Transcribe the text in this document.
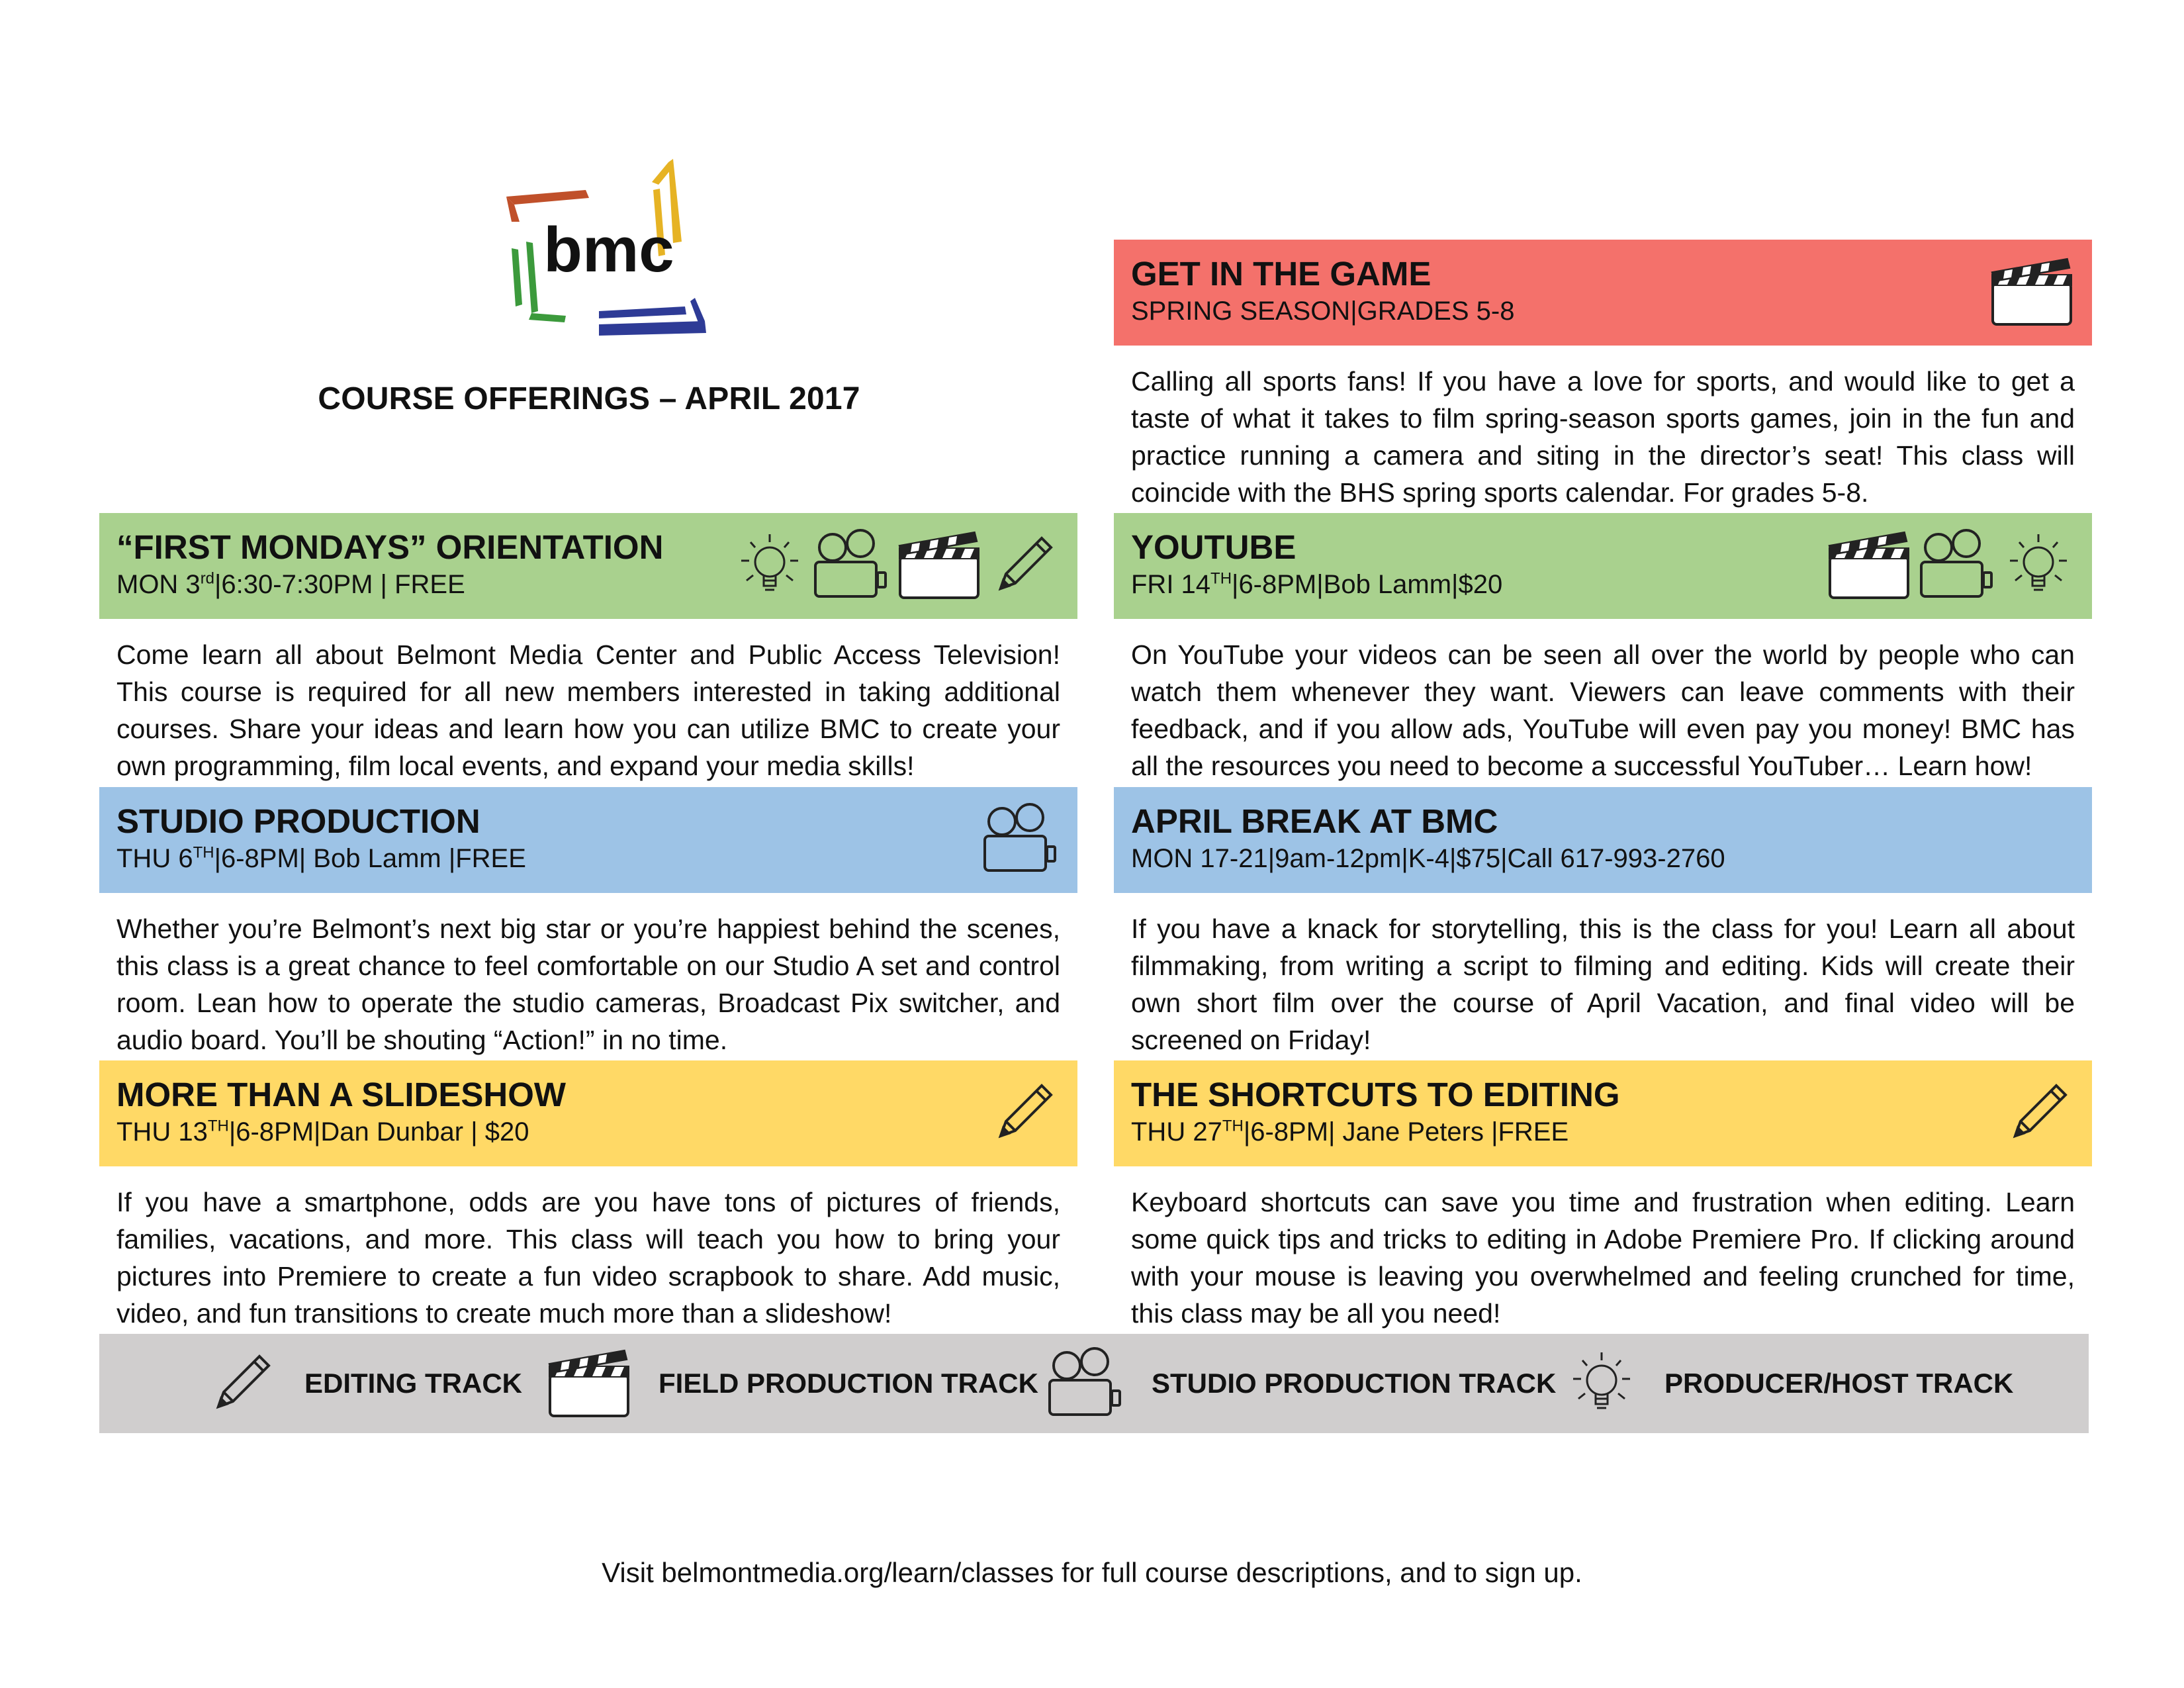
bmc
COURSE OFFERINGS – APRIL 2017
GET IN THE GAME
SPRING SEASON|GRADES 5-8
Calling all sports fans! If you have a love for sports, and would like to get a taste of what it takes to film spring-season sports games, join in the fun and practice running a camera and siting in the director’s seat! This class will coincide with the BHS spring sports calendar. For grades 5-8.
“FIRST MONDAYS” ORIENTATION
MON 3rd|6:30-7:30PM | FREE
Come learn all about Belmont Media Center and Public Access Television! This course is required for all new members interested in taking additional courses. Share your ideas and learn how you can utilize BMC to create your own programming, film local events, and expand your media skills!
YOUTUBE
FRI 14TH|6-8PM|Bob Lamm|$20
On YouTube your videos can be seen all over the world by people who can watch them whenever they want. Viewers can leave comments with their feedback, and if you allow ads, YouTube will even pay you money! BMC has all the resources you need to become a successful YouTuber… Learn how!
STUDIO PRODUCTION
THU 6TH|6-8PM| Bob Lamm |FREE
Whether you’re Belmont’s next big star or you’re happiest behind the scenes, this class is a great chance to feel comfortable on our Studio A set and control room. Lean how to operate the studio cameras, Broadcast Pix switcher, and audio board. You’ll be shouting “Action!” in no time.
APRIL BREAK AT BMC
MON 17-21|9am-12pm|K-4|$75|Call 617-993-2760
If you have a knack for storytelling, this is the class for you! Learn all about filmmaking, from writing a script to filming and editing. Kids will create their own short film over the course of April Vacation, and final video will be screened on Friday!
MORE THAN A SLIDESHOW
THU 13TH|6-8PM|Dan Dunbar | $20
If you have a smartphone, odds are you have tons of pictures of friends, families, vacations, and more. This class will teach you how to bring your pictures into Premiere to create a fun video scrapbook to share. Add music, video, and fun transitions to create much more than a slideshow!
THE SHORTCUTS TO EDITING
THU 27TH|6-8PM| Jane Peters |FREE
Keyboard shortcuts can save you time and frustration when editing. Learn some quick tips and tricks to editing in Adobe Premiere Pro. If clicking around with your mouse is leaving you overwhelmed and feeling crunched for time, this class may be all you need!
EDITING TRACK	FIELD PRODUCTION TRACK	STUDIO PRODUCTION TRACK	PRODUCER/HOST TRACK
Visit belmontmedia.org/learn/classes for full course descriptions, and to sign up.
